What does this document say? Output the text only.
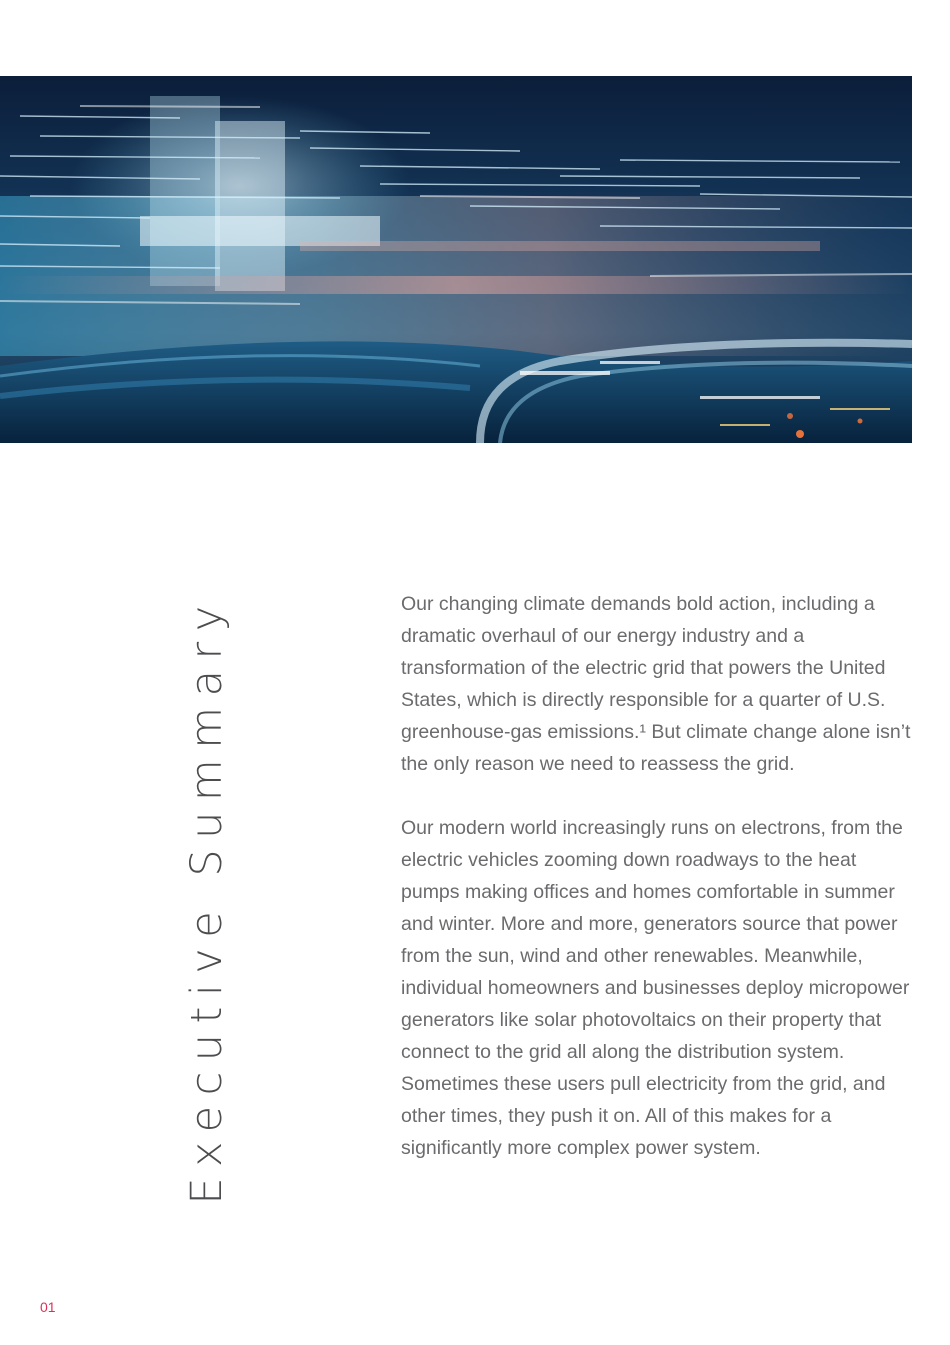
Executive Summary	Our changing climate demands bold action, including a dramatic overhaul of our energy industry and a transformation of the electric grid that powers the United States, which is directly responsible for a quarter of U.S. greenhouse-gas emissions.¹ But climate change alone isn’t the only reason we need to reassess the grid.

Our modern world increasingly runs on electrons, from the electric vehicles zooming down roadways to the heat pumps making offices and homes comfortable in summer and winter. More and more, generators source that power from the sun, wind and other renewables. Meanwhile, individual homeowners and businesses deploy micropower generators like solar photovoltaics on their property that connect to the grid all along the distribution system. Sometimes these users pull electricity from the grid, and other times, they push it on. All of this makes for a significantly more complex power system.

01
